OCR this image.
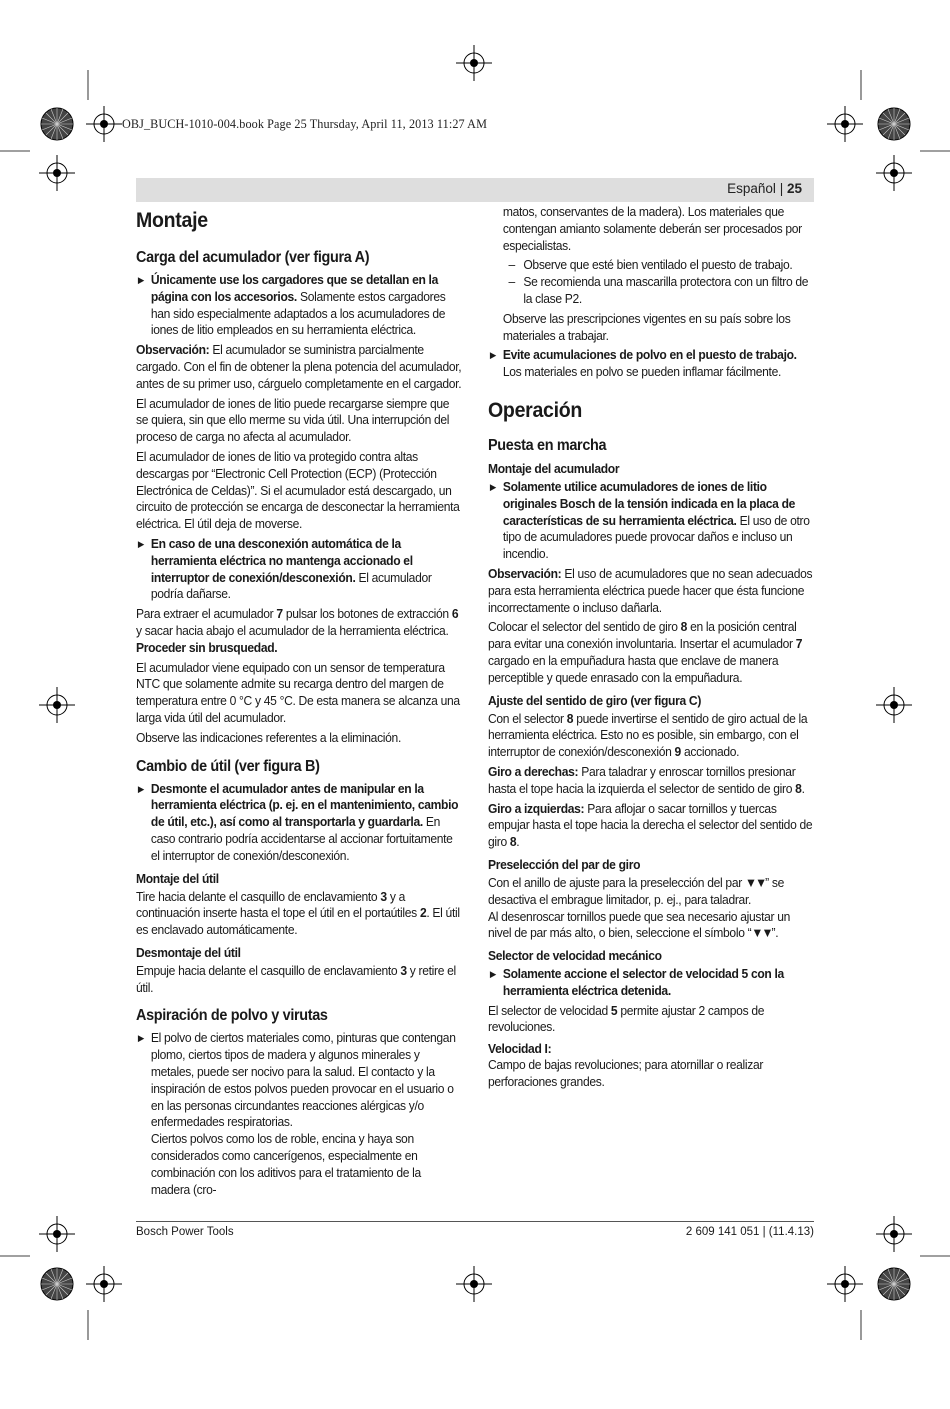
OBJ_BUCH-1010-004.book Page 25 Thursday, April 11, 2013 11:27 AM
Español | 25
Montaje
Carga del acumulador (ver figura A)

▶ Únicamente use los cargadores que se detallan en la página con los accesorios. Solamente estos cargadores han sido especialmente adaptados a los acumuladores de iones de litio empleados en su herramienta eléctrica.

Observación: El acumulador se suministra parcialmente cargado. Con el fin de obtener la plena potencia del acumulador, antes de su primer uso, cárguelo completamente en el cargador.

El acumulador de iones de litio puede recargarse siempre que se quiera, sin que ello merme su vida útil. Una interrupción del proceso de carga no afecta al acumulador.

El acumulador de iones de litio va protegido contra altas descargas por “Electronic Cell Protection (ECP) (Protección Electrónica de Celdas)”. Si el acumulador está descargado, un circuito de protección se encarga de desconectar la herramienta eléctrica. El útil deja de moverse.

▶ En caso de una desconexión automática de la herramienta eléctrica no mantenga accionado el interruptor de conexión/desconexión. El acumulador podría dañarse.

Para extraer el acumulador 7 pulsar los botones de extracción 6 y sacar hacia abajo el acumulador de la herramienta eléctrica. Proceder sin brusquedad.

El acumulador viene equipado con un sensor de temperatura NTC que solamente admite su recarga dentro del margen de temperatura entre 0 °C y 45 °C. De esta manera se alcanza una larga vida útil del acumulador.

Observe las indicaciones referentes a la eliminación.

Cambio de útil (ver figura B)

▶ Desmonte el acumulador antes de manipular en la herramienta eléctrica (p. ej. en el mantenimiento, cambio de útil, etc.), así como al transportarla y guardarla. En caso contrario podría accidentarse al accionar fortuitamente el interruptor de conexión/desconexión.

Montaje del útil

Tire hacia delante el casquillo de enclavamiento 3 y a continuación inserte hasta el tope el útil en el portaútiles 2. El útil es enclavado automáticamente.

Desmontaje del útil

Empuje hacia delante el casquillo de enclavamiento 3 y retire el útil.

Aspiración de polvo y virutas

▶ El polvo de ciertos materiales como, pinturas que contengan plomo, ciertos tipos de madera y algunos minerales y metales, puede ser nocivo para la salud. El contacto y la inspiración de estos polvos pueden provocar en el usuario o en las personas circundantes reacciones alérgicas y/o enfermedades respiratorias.

Ciertos polvos como los de roble, encina y haya son considerados como cancerígenos, especialmente en combinación con los aditivos para el tratamiento de la madera (cro-

matos, conservantes de la madera). Los materiales que contengan amianto solamente deberán ser procesados por especialistas.

– Observe que esté bien ventilado el puesto de trabajo.

– Se recomienda una mascarilla protectora con un filtro de la clase P2.

Observe las prescripciones vigentes en su país sobre los materiales a trabajar.

▶ Evite acumulaciones de polvo en el puesto de trabajo.
Los materiales en polvo se pueden inflamar fácilmente.

Operación
Puesta en marcha
Montaje del acumulador

▶ Solamente utilice acumuladores de iones de litio originales Bosch de la tensión indicada en la placa de características de su herramienta eléctrica. El uso de otro tipo de acumuladores puede provocar daños e incluso un incendio.

Observación: El uso de acumuladores que no sean adecuados para esta herramienta eléctrica puede hacer que ésta funcione incorrectamente o incluso dañarla.

Colocar el selector del sentido de giro 8 en la posición central para evitar una conexión involuntaria. Insertar el acumulador 7 cargado en la empuñadura hasta que enclave de manera perceptible y quede enrasado con la empuñadura.

Ajuste del sentido de giro (ver figura C)

Con el selector 8 puede invertirse el sentido de giro actual de la herramienta eléctrica. Esto no es posible, sin embargo, con el interruptor de conexión/desconexión 9 accionado.

Giro a derechas: Para taladrar y enroscar tornillos presionar hasta el tope hacia la izquierda el selector de sentido de giro 8.

Giro a izquierdas: Para aflojar o sacar tornillos y tuercas empujar hasta el tope hacia la derecha el selector del sentido de giro 8.

Preselección del par de giro

Con el anillo de ajuste para la preselección del par ▼▼” se desactiva el embrague limitador, p. ej., para taladrar.
Al desenroscar tornillos puede que sea necesario ajustar un nivel de par más alto, o bien, seleccione el símbolo “▼▼”.

Selector de velocidad mecánico

▶ Solamente accione el selector de velocidad 5 con la herramienta eléctrica detenida.

El selector de velocidad 5 permite ajustar 2 campos de revoluciones.

Velocidad I:

Campo de bajas revoluciones; para atornillar o realizar perforaciones grandes.

Bosch Power Tools	2 609 141 051 | (11.4.13)
